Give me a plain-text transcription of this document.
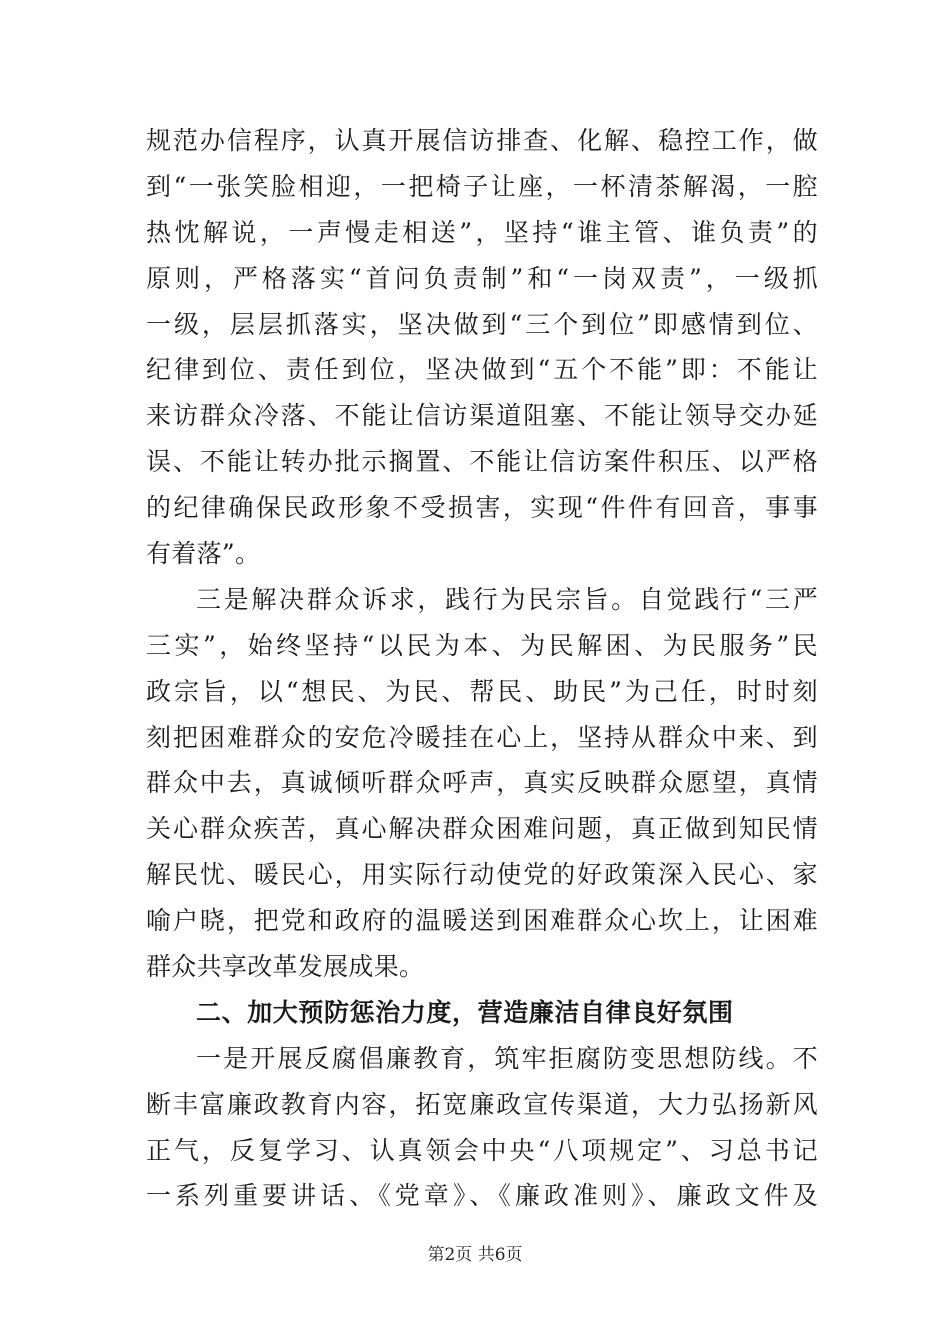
规范办信程序，认真开展信访排查、化解、稳控工作，做
到“一张笑脸相迎，一把椅子让座，一杯清茶解渴，一腔
热忱解说，一声慢走相送”，坚持“谁主管、谁负责”的
原则，严格落实“首问负责制”和“一岗双责”，一级抓
一级，层层抓落实，坚决做到“三个到位”即感情到位、
纪律到位、责任到位，坚决做到“五个不能”即：不能让
来访群众冷落、不能让信访渠道阻塞、不能让领导交办延
误、不能让转办批示搁置、不能让信访案件积压、以严格
的纪律确保民政形象不受损害，实现“件件有回音，事事
有着落”。
三是解决群众诉求，践行为民宗旨。自觉践行“三严
三实”，始终坚持“以民为本、为民解困、为民服务”民
政宗旨，以“想民、为民、帮民、助民”为己任，时时刻
刻把困难群众的安危冷暖挂在心上，坚持从群众中来、到
群众中去，真诚倾听群众呼声，真实反映群众愿望，真情
关心群众疾苦，真心解决群众困难问题，真正做到知民情
解民忧、暖民心，用实际行动使党的好政策深入民心、家
喻户晓，把党和政府的温暖送到困难群众心坎上，让困难
群众共享改革发展成果。
二、加大预防惩治力度，营造廉洁自律良好氛围
一是开展反腐倡廉教育，筑牢拒腐防变思想防线。不
断丰富廉政教育内容，拓宽廉政宣传渠道，大力弘扬新风
正气，反复学习、认真领会中央“八项规定”、习总书记
一系列重要讲话、《党章》、《廉政准则》、廉政文件及
第2页 共6页
